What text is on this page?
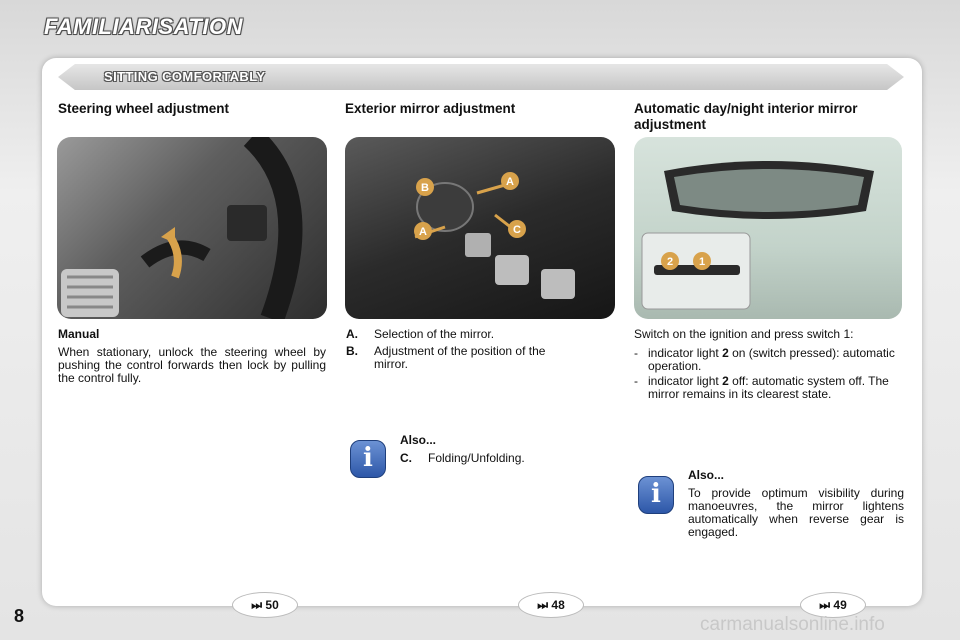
FAMILIARISATION
SITTING COMFORTABLY
Steering wheel adjustment	Exterior mirror adjustment	Automatic day/night interior mirror adjustment
B	A
A	C
2 1
Manual
When stationary, unlock the steering wheel by pushing the control forwards then lock by pulling the control fully.
A. Selection of the mirror.
B. Adjustment of the position of the mirror.
i
Also...
C. Folding/Unfolding.
Switch on the ignition and press switch 1:
- indicator light 2 on (switch pressed): automatic operation.
- indicator light 2 off: automatic system off. The mirror remains in its clearest state.
i
Also...
To provide optimum visibility during manoeuvres, the mirror lightens automatically when reverse gear is engaged.
⏭ 50	⏭ 48	⏭ 49
8	carmanualsonline.info
